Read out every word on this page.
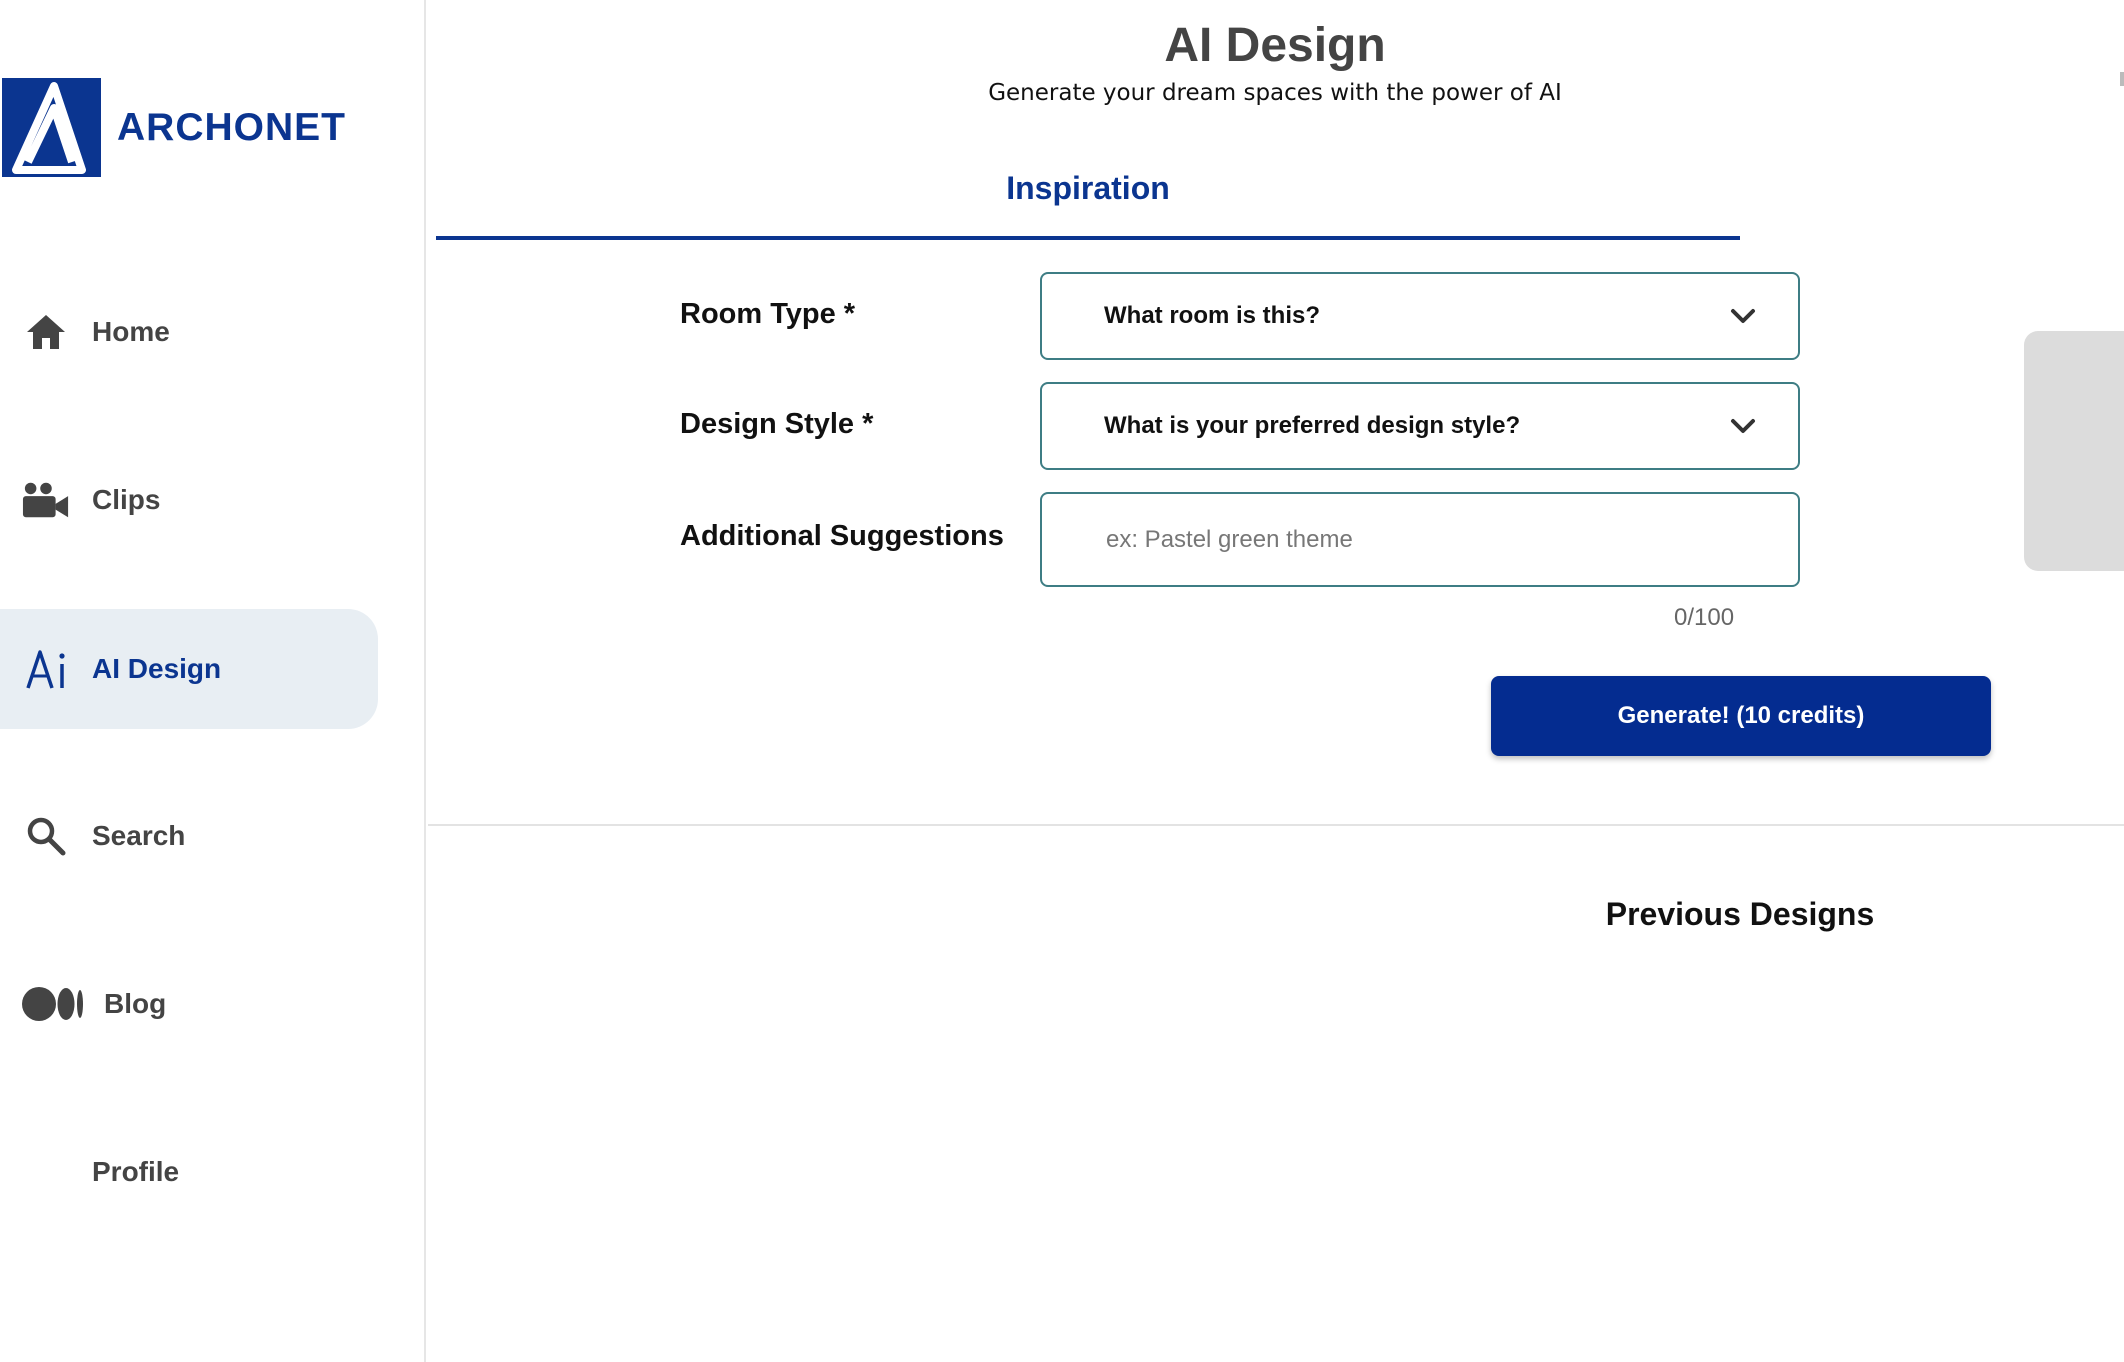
ARCHONET
Home
Clips
AI Design
Search
Blog
Profile
AI Design
Generate your dream spaces with the power of AI
Inspiration
Room Type *	What room is this?
Design Style *	What is your preferred design style?
Additional Suggestions
ex: Pastel green theme
0/100
Generate! (10 credits)
Previous Designs
